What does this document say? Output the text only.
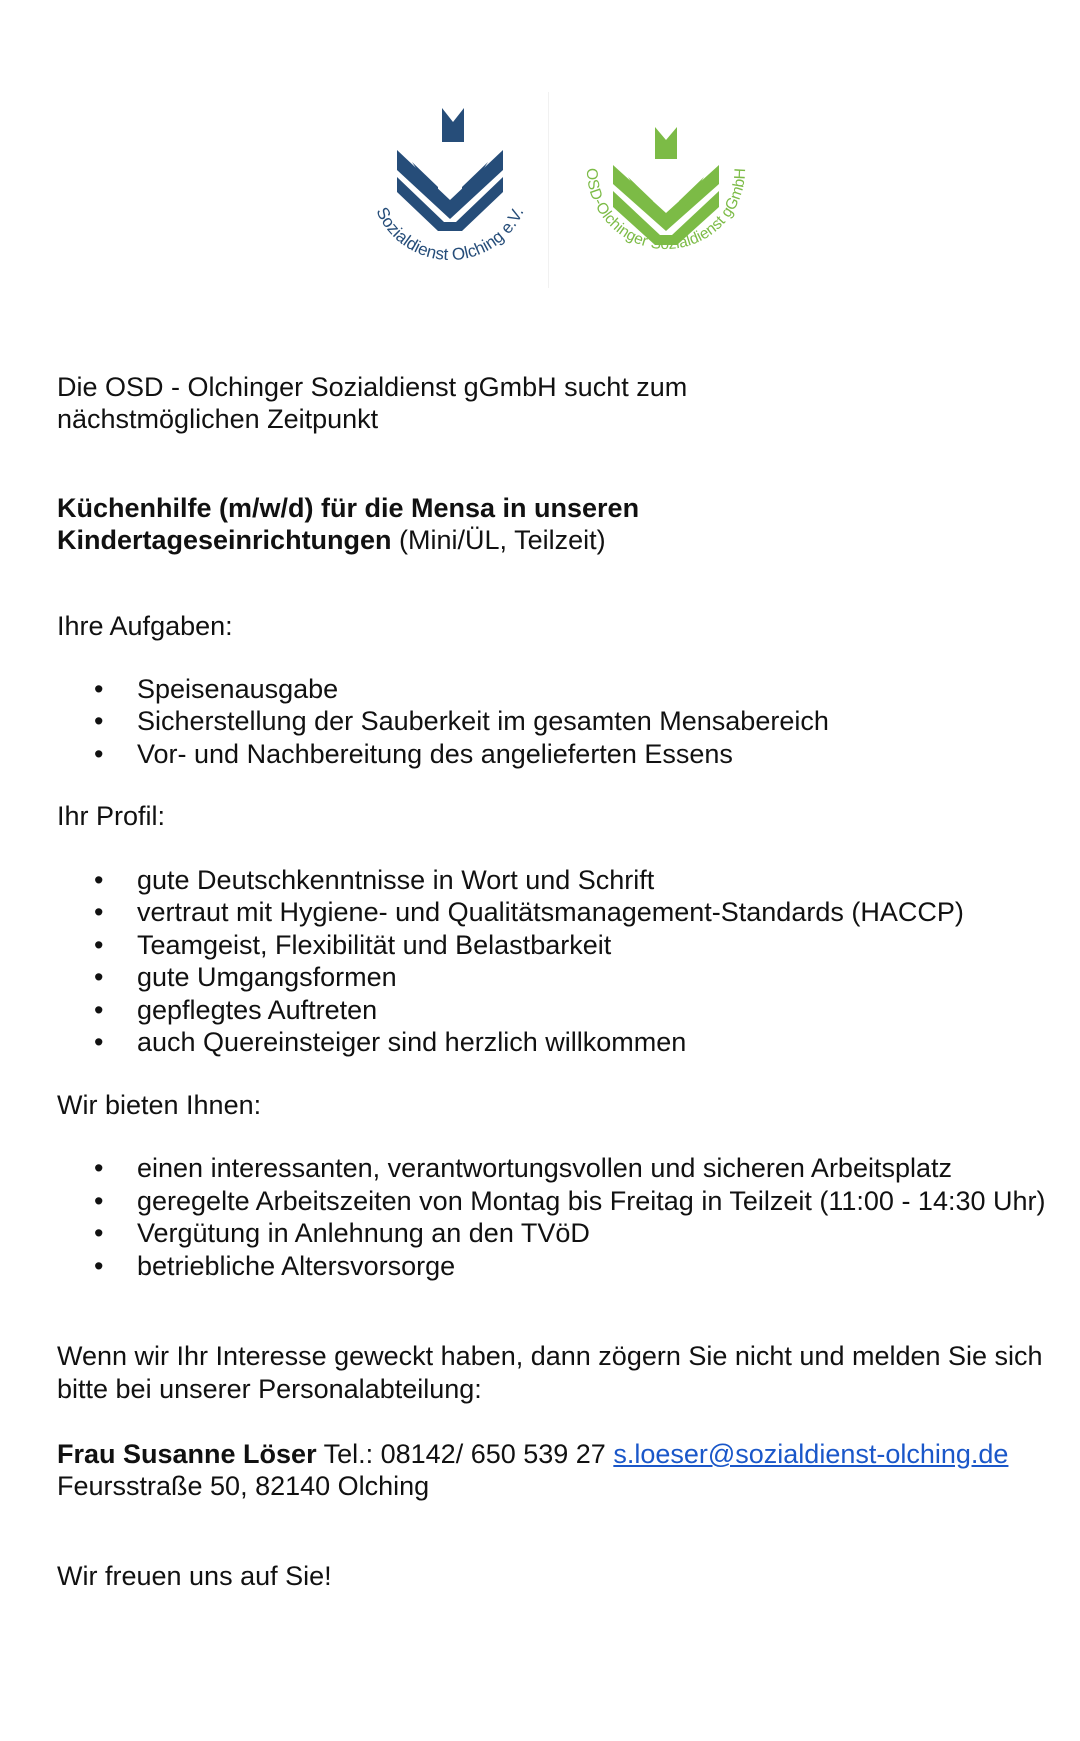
Sozialdienst Olching e.V.
OSD-Olchinger Sozialdienst gGmbH

Die OSD - Olchinger Sozialdienst gGmbH sucht zum
nächstmöglichen Zeitpunkt

Küchenhilfe (m/w/d) für die Mensa in unseren
Kindertageseinrichtungen (Mini/ÜL, Teilzeit)

Ihre Aufgaben:

• Speisenausgabe
• Sicherstellung der Sauberkeit im gesamten Mensabereich
• Vor- und Nachbereitung des angelieferten Essens

Ihr Profil:

• gute Deutschkenntnisse in Wort und Schrift
• vertraut mit Hygiene- und Qualitätsmanagement-Standards (HACCP)
• Teamgeist, Flexibilität und Belastbarkeit
• gute Umgangsformen
• gepflegtes Auftreten
• auch Quereinsteiger sind herzlich willkommen

Wir bieten Ihnen:

• einen interessanten, verantwortungsvollen und sicheren Arbeitsplatz
• geregelte Arbeitszeiten von Montag bis Freitag in Teilzeit (11:00 - 14:30 Uhr)
• Vergütung in Anlehnung an den TVöD
• betriebliche Altersvorsorge

Wenn wir Ihr Interesse geweckt haben, dann zögern Sie nicht und melden Sie sich
bitte bei unserer Personalabteilung:

Frau Susanne Löser Tel.: 08142/ 650 539 27 s.loeser@sozialdienst-olching.de
Feursstraße 50, 82140 Olching

Wir freuen uns auf Sie!
